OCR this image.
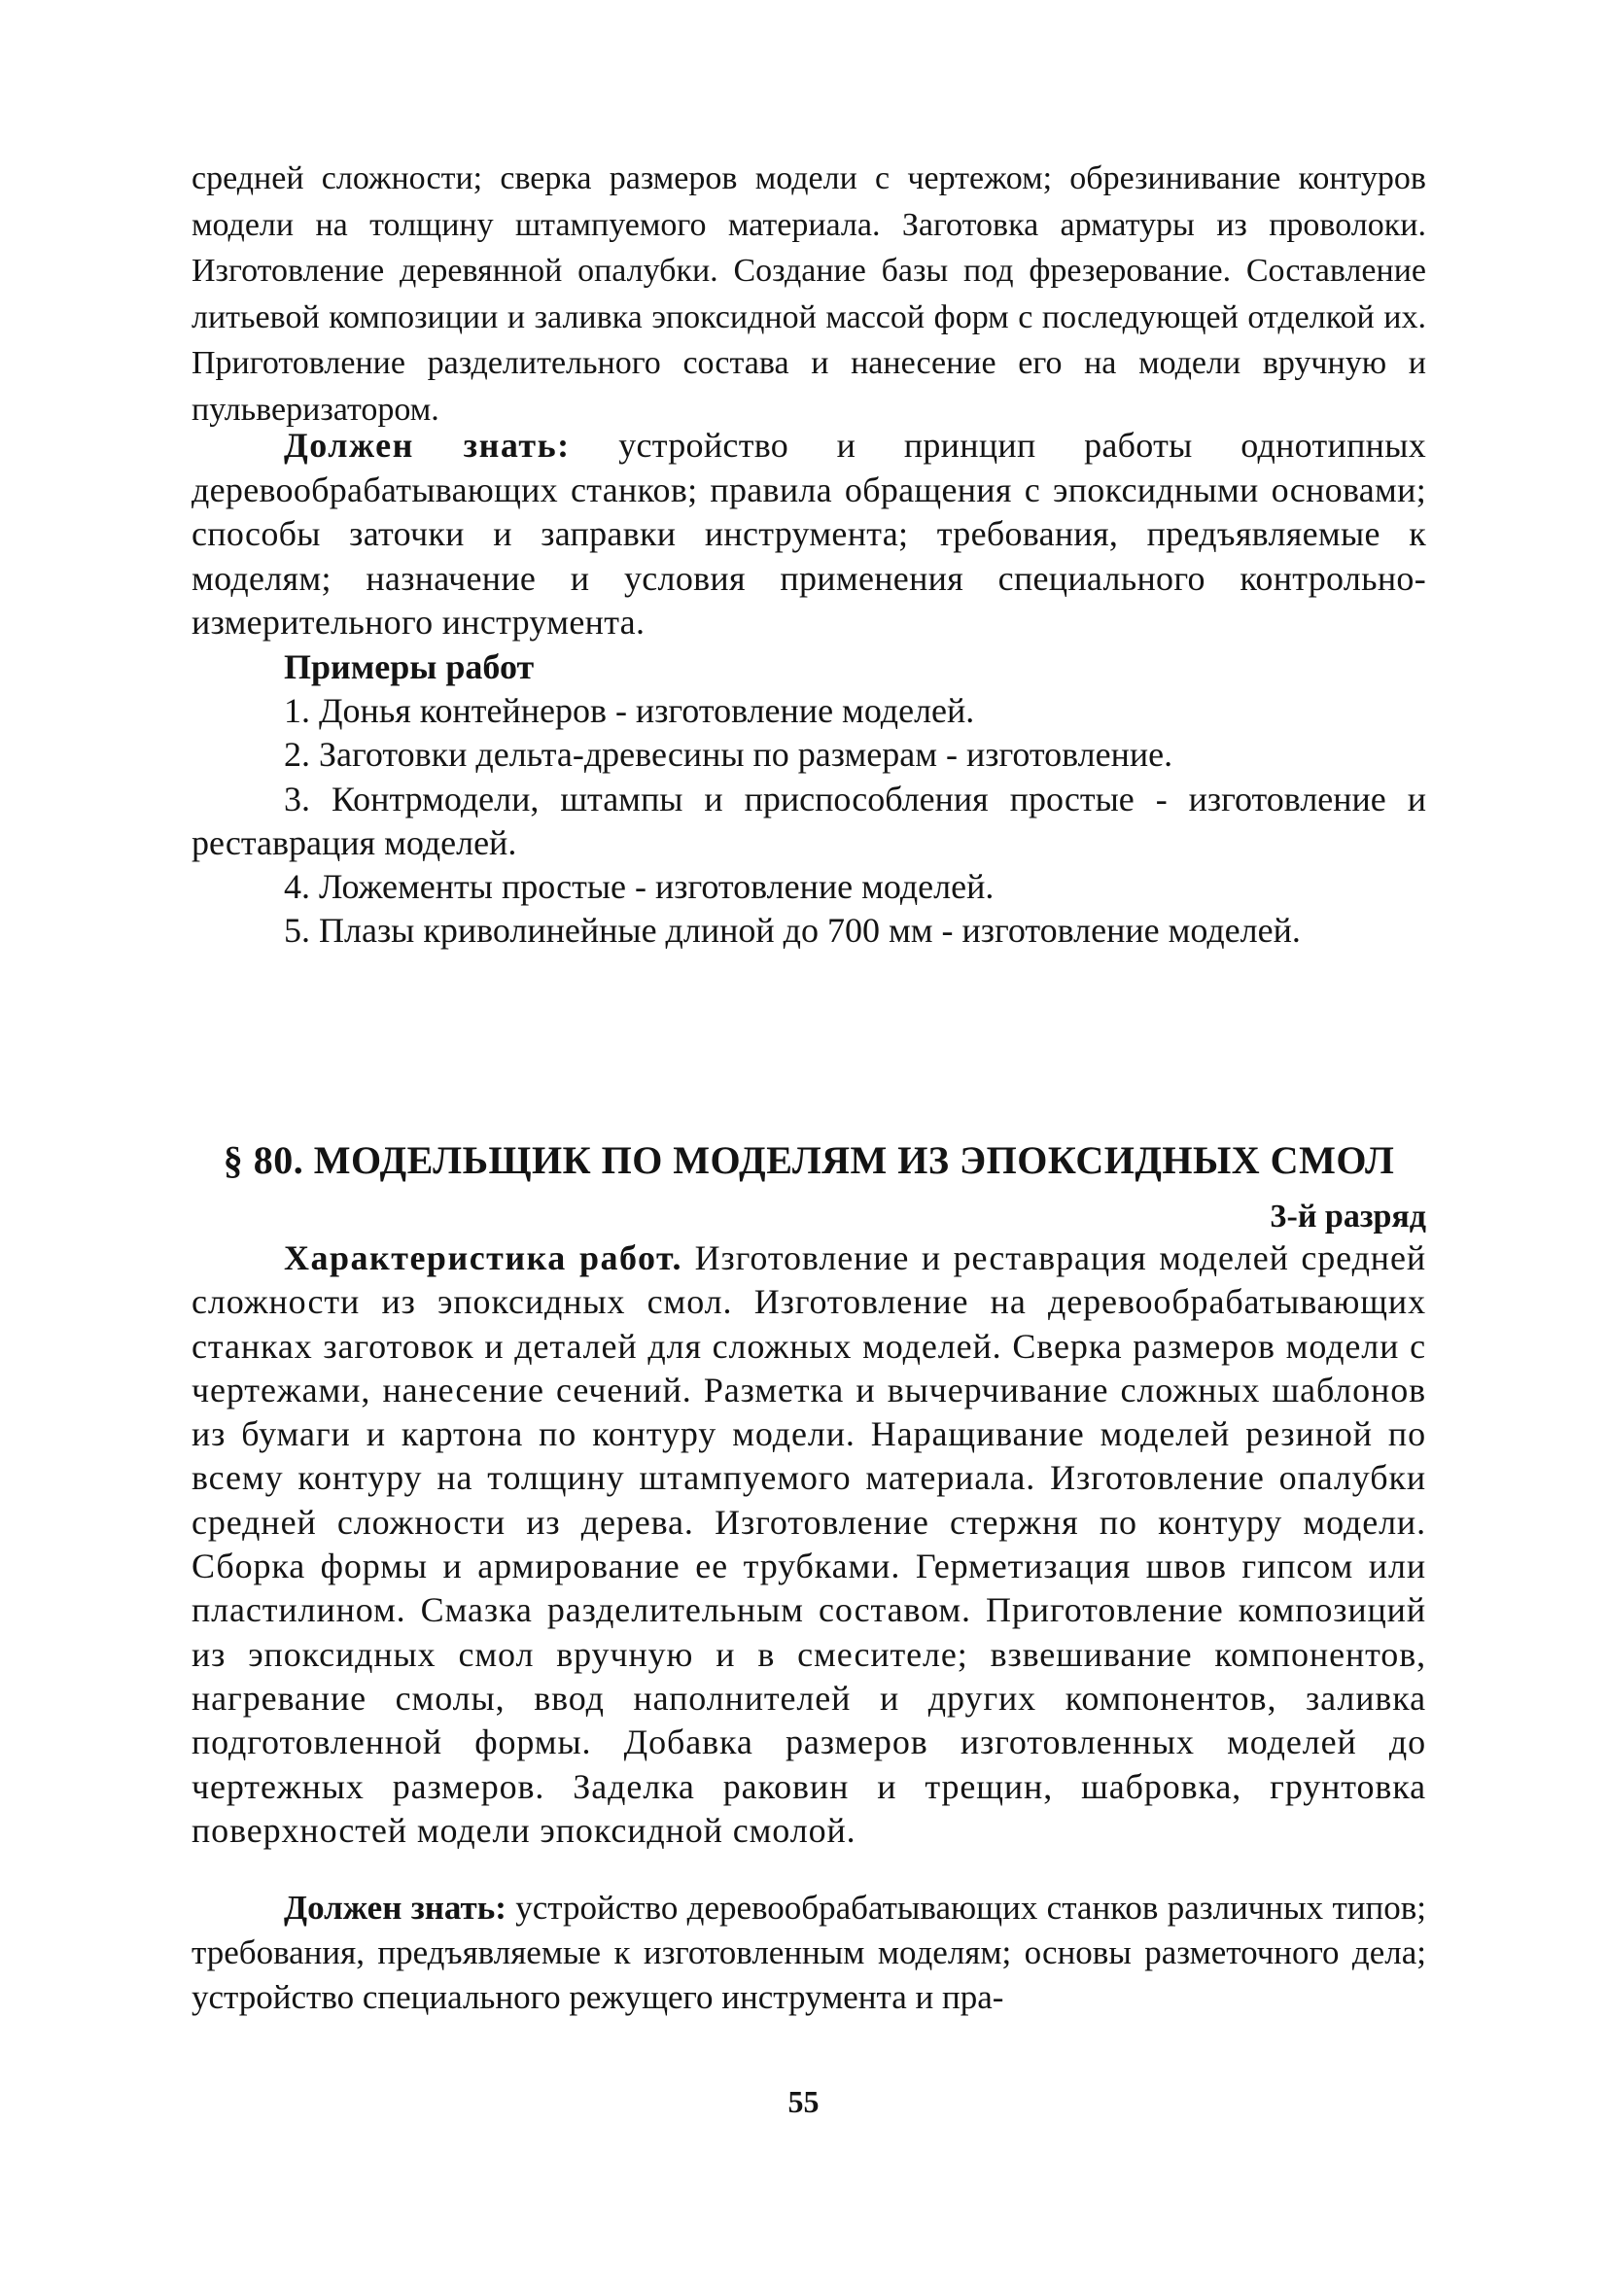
средней сложности; сверка размеров модели с чертежом; обрезинивание контуров модели на толщину штампуемого материала. Заготовка арматуры из проволоки. Изготовление деревянной опалубки. Создание базы под фрезерование. Составление литьевой композиции и заливка эпоксидной массой форм с последующей отделкой их. Приготовление разделительного состава и нанесение его на модели вручную и пульверизатором.

Должен знать: устройство и принцип работы однотипных деревообрабатывающих станков; правила обращения с эпоксидными основами; способы заточки и заправки инструмента; требования, предъявляемые к моделям; назначение и условия применения специального контрольно-измерительного инструмента.

Примеры работ

1. Донья контейнеров - изготовление моделей.

2. Заготовки дельта-древесины по размерам - изготовление.

3. Контрмодели, штампы и приспособления простые - изготовление и реставрация моделей.

4. Ложементы простые - изготовление моделей.

5. Плазы криволинейные длиной до 700 мм - изготовление моделей.

§ 80. МОДЕЛЬЩИК ПО МОДЕЛЯМ ИЗ ЭПОКСИДНЫХ СМОЛ
3-й разряд

Характеристика работ. Изготовление и реставрация моделей средней сложности из эпоксидных смол. Изготовление на деревообрабатывающих станках заготовок и деталей для сложных моделей. Сверка размеров модели с чертежами, нанесение сечений. Разметка и вычерчивание сложных шаблонов из бумаги и картона по контуру модели. Наращивание моделей резиной по всему контуру на толщину штампуемого материала. Изготовление опалубки средней сложности из дерева. Изготовление стержня по контуру модели. Сборка формы и армирование ее трубками. Герметизация швов гипсом или пластилином. Смазка разделительным составом. Приготовление композиций из эпоксидных смол вручную и в смесителе; взвешивание компонентов, нагревание смолы, ввод наполнителей и других компонентов, заливка подготовленной формы. Добавка размеров изготовленных моделей до чертежных размеров. Заделка раковин и трещин, шабровка, грунтовка поверхностей модели эпоксидной смолой.

Должен знать: устройство деревообрабатывающих станков различных типов; требования, предъявляемые к изготовленным моделям; основы разметочного дела; устройство специального режущего инструмента и пра-

55
